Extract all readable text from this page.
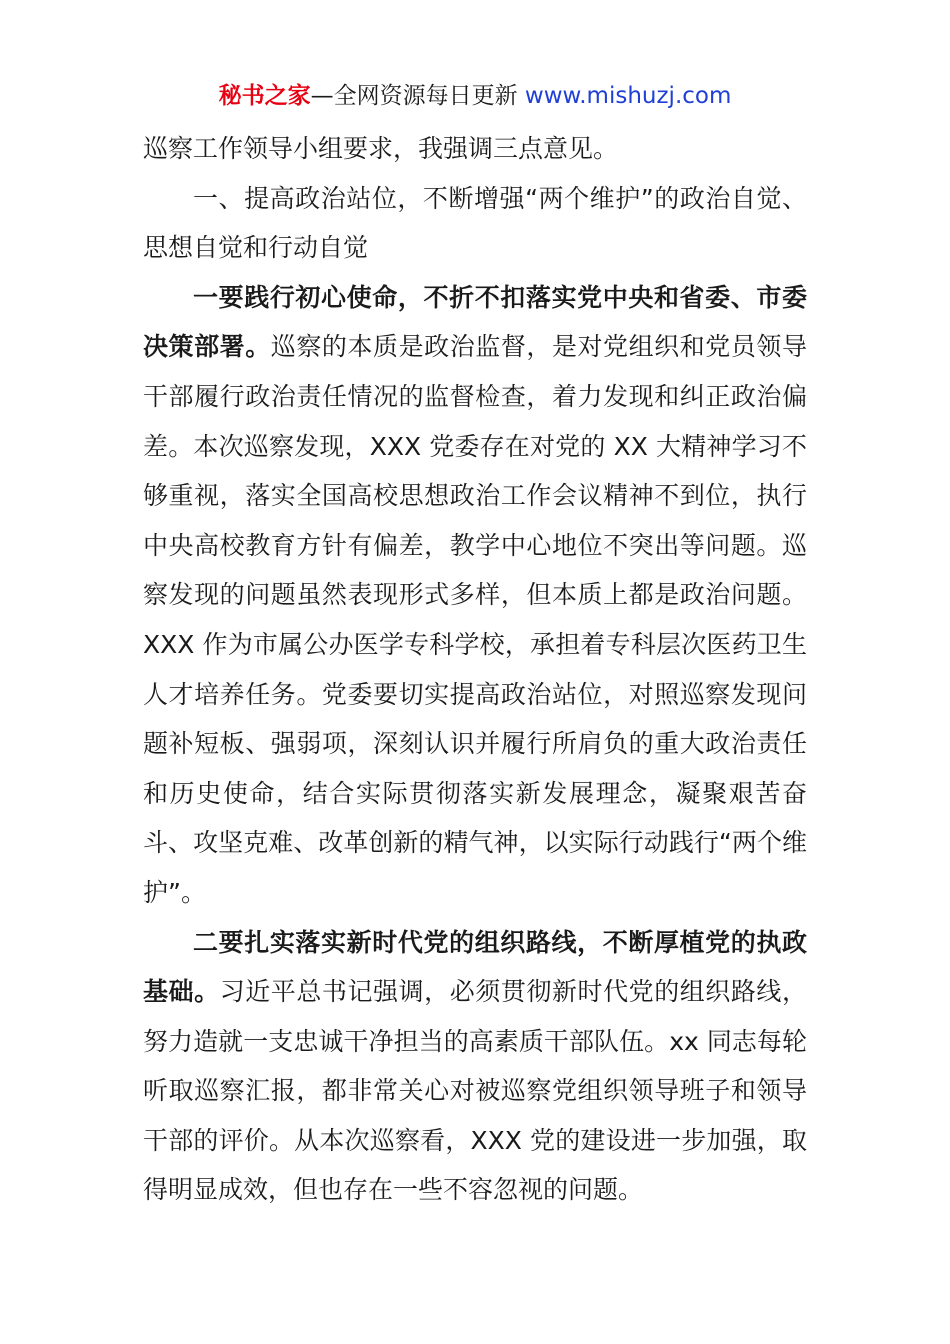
秘书之家—全网资源每日更新 www.mishuzj.com

巡察工作领导小组要求，我强调三点意见。

一、提高政治站位，不断增强“两个维护”的政治自觉、思想自觉和行动自觉

一要践行初心使命，不折不扣落实党中央和省委、市委决策部署。巡察的本质是政治监督，是对党组织和党员领导干部履行政治责任情况的监督检查，着力发现和纠正政治偏差。本次巡察发现，XXX 党委存在对党的 XX 大精神学习不够重视，落实全国高校思想政治工作会议精神不到位，执行中央高校教育方针有偏差，教学中心地位不突出等问题。巡察发现的问题虽然表现形式多样，但本质上都是政治问题。XXX 作为市属公办医学专科学校，承担着专科层次医药卫生人才培养任务。党委要切实提高政治站位，对照巡察发现问题补短板、强弱项，深刻认识并履行所肩负的重大政治责任和历史使命，结合实际贯彻落实新发展理念，凝聚艰苦奋斗、攻坚克难、改革创新的精气神，以实际行动践行“两个维护”。

二要扎实落实新时代党的组织路线，不断厚植党的执政基础。习近平总书记强调，必须贯彻新时代党的组织路线，努力造就一支忠诚干净担当的高素质干部队伍。xx 同志每轮听取巡察汇报，都非常关心对被巡察党组织领导班子和领导干部的评价。从本次巡察看，XXX 党的建设进一步加强，取得明显成效，但也存在一些不容忽视的问题。
